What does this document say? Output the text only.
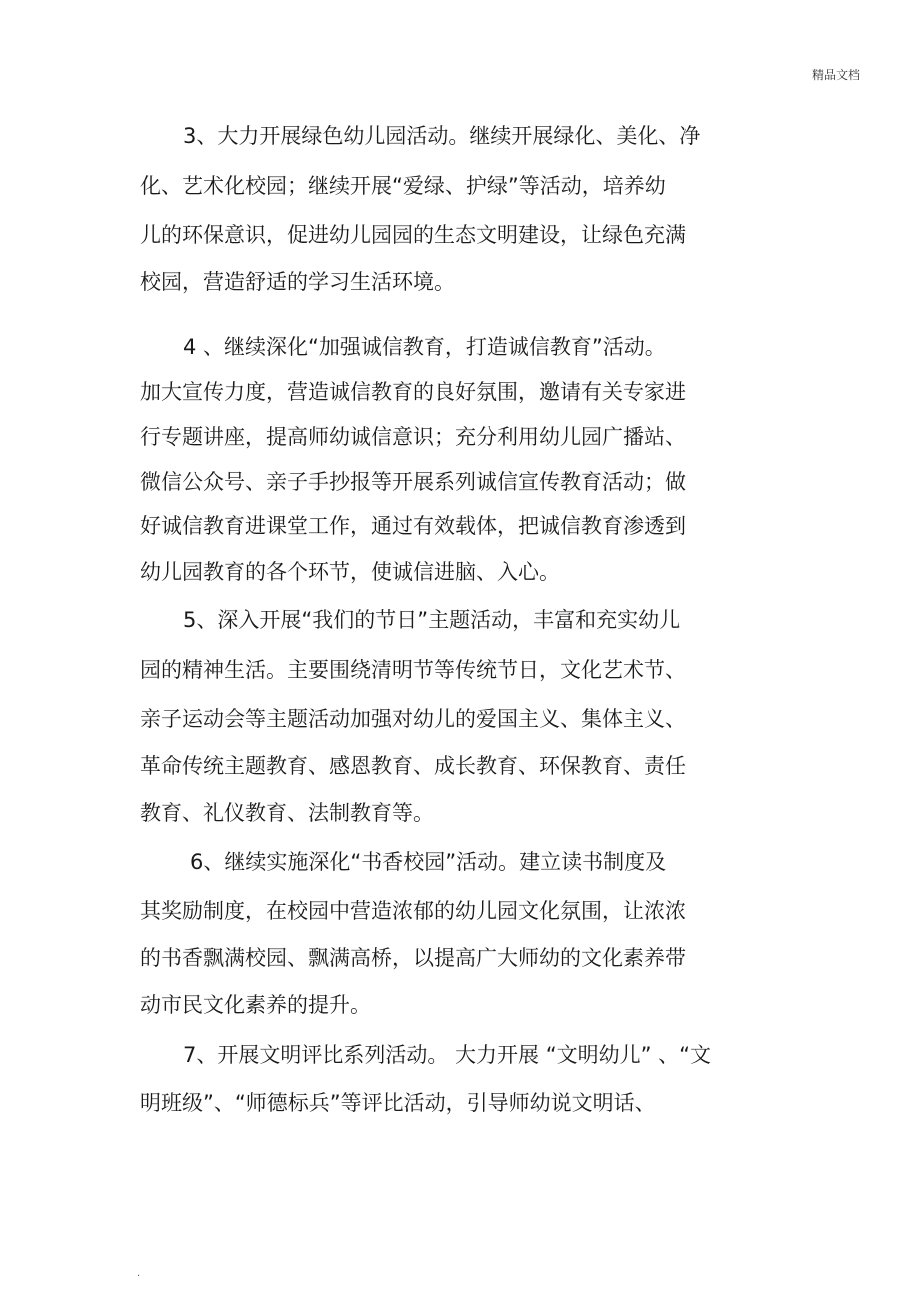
精品文档
3、大力开展绿色幼儿园活动。继续开展绿化、美化、净
化、艺术化校园；继续开展“爱绿、护绿”等活动，培养幼
儿的环保意识，促进幼儿园园的生态文明建设，让绿色充满
校园，营造舒适的学习生活环境。
4 、继续深化“加强诚信教育，打造诚信教育”活动。
加大宣传力度，营造诚信教育的良好氛围，邀请有关专家进
行专题讲座，提高师幼诚信意识；充分利用幼儿园广播站、
微信公众号、亲子手抄报等开展系列诚信宣传教育活动；做
好诚信教育进课堂工作，通过有效载体，把诚信教育渗透到
幼儿园教育的各个环节，使诚信进脑、入心。
5、深入开展“我们的节日”主题活动，丰富和充实幼儿
园的精神生活。主要围绕清明节等传统节日，文化艺术节、
亲子运动会等主题活动加强对幼儿的爱国主义、集体主义、
革命传统主题教育、感恩教育、成长教育、环保教育、责任
教育、礼仪教育、法制教育等。
6、继续实施深化“书香校园”活动。建立读书制度及
其奖励制度，在校园中营造浓郁的幼儿园文化氛围，让浓浓
的书香飘满校园、飘满高桥，以提高广大师幼的文化素养带
动市民文化素养的提升。
7、开展文明评比系列活动。 大力开展 “文明幼儿” 、“文
明班级”、“师德标兵”等评比活动，引导师幼说文明话、
.
